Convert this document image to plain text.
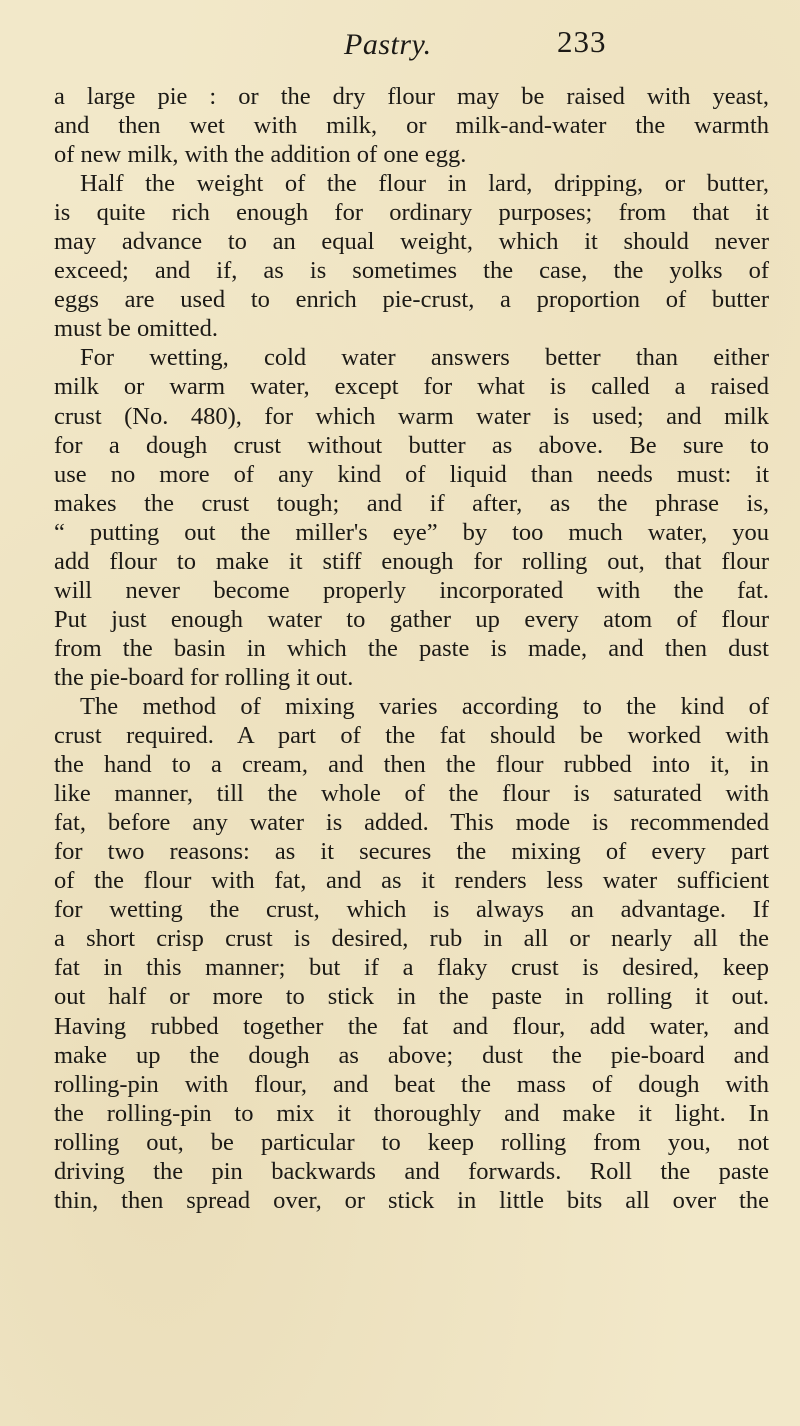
Pastry.	233
a large pie : or the dry flour may be raised with yeast,
and then wet with milk, or milk-and-water the warmth
of new milk, with the addition of one egg.
Half the weight of the flour in lard, dripping, or butter,
is quite rich enough for ordinary purposes; from that it
may advance to an equal weight, which it should never
exceed; and if, as is sometimes the case, the yolks of
eggs are used to enrich pie-crust, a proportion of butter
must be omitted.
For wetting, cold water answers better than either
milk or warm water, except for what is called a raised
crust (No. 480), for which warm water is used; and milk
for a dough crust without butter as above. Be sure to
use no more of any kind of liquid than needs must: it
makes the crust tough; and if after, as the phrase is,
“ putting out the miller's eye” by too much water, you
add flour to make it stiff enough for rolling out, that flour
will never become properly incorporated with the fat.
Put just enough water to gather up every atom of flour
from the basin in which the paste is made, and then dust
the pie-board for rolling it out.
The method of mixing varies according to the kind of
crust required. A part of the fat should be worked with
the hand to a cream, and then the flour rubbed into it, in
like manner, till the whole of the flour is saturated with
fat, before any water is added. This mode is recommended
for two reasons: as it secures the mixing of every part
of the flour with fat, and as it renders less water sufficient
for wetting the crust, which is always an advantage. If
a short crisp crust is desired, rub in all or nearly all the
fat in this manner; but if a flaky crust is desired, keep
out half or more to stick in the paste in rolling it out.
Having rubbed together the fat and flour, add water, and
make up the dough as above; dust the pie-board and
rolling-pin with flour, and beat the mass of dough with
the rolling-pin to mix it thoroughly and make it light. In
rolling out, be particular to keep rolling from you, not
driving the pin backwards and forwards. Roll the paste
thin, then spread over, or stick in little bits all over the
